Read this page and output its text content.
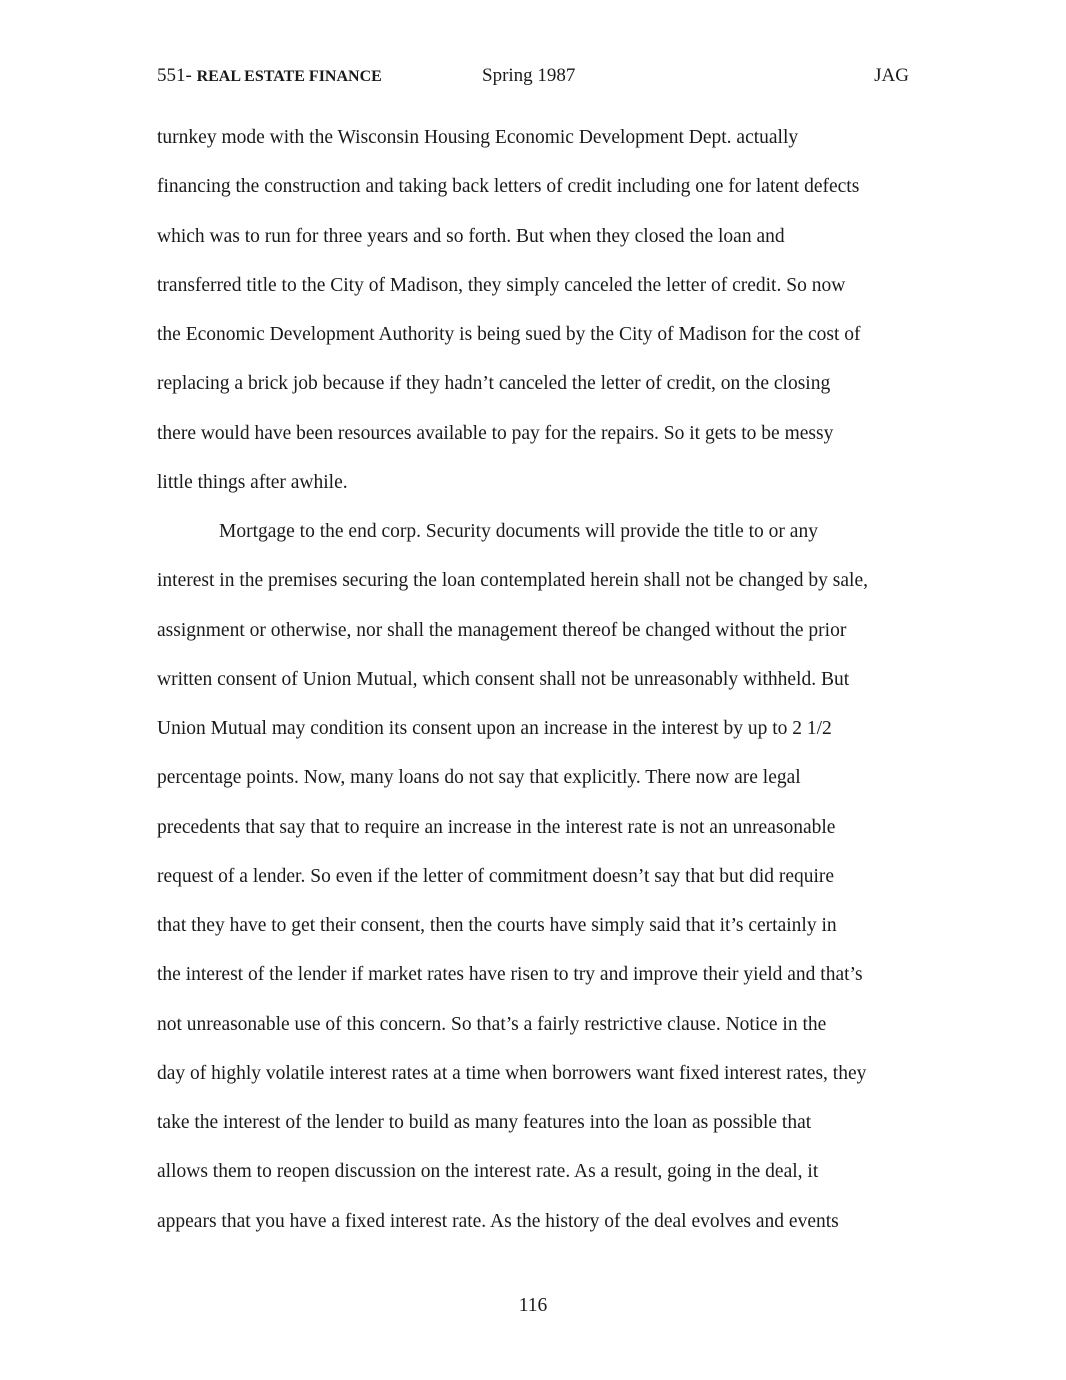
551- REAL ESTATE FINANCE	Spring 1987	JAG

turnkey mode with the Wisconsin Housing Economic Development Dept. actually

financing the construction and taking back letters of credit including one for latent defects

which was to run for three years and so forth. But when they closed the loan and

transferred title to the City of Madison, they simply canceled the letter of credit. So now

the Economic Development Authority is being sued by the City of Madison for the cost of

replacing a brick job because if they hadn’t canceled the letter of credit, on the closing

there would have been resources available to pay for the repairs. So it gets to be messy

little things after awhile.

Mortgage to the end corp. Security documents will provide the title to or any

interest in the premises securing the loan contemplated herein shall not be changed by sale,

assignment or otherwise, nor shall the management thereof be changed without the prior

written consent of Union Mutual, which consent shall not be unreasonably withheld. But

Union Mutual may condition its consent upon an increase in the interest by up to 2 1/2

percentage points. Now, many loans do not say that explicitly. There now are legal

precedents that say that to require an increase in the interest rate is not an unreasonable

request of a lender. So even if the letter of commitment doesn’t say that but did require

that they have to get their consent, then the courts have simply said that it’s certainly in

the interest of the lender if market rates have risen to try and improve their yield and that’s

not unreasonable use of this concern. So that’s a fairly restrictive clause. Notice in the

day of highly volatile interest rates at a time when borrowers want fixed interest rates, they

take the interest of the lender to build as many features into the loan as possible that

allows them to reopen discussion on the interest rate. As a result, going in the deal, it

appears that you have a fixed interest rate. As the history of the deal evolves and events

116
